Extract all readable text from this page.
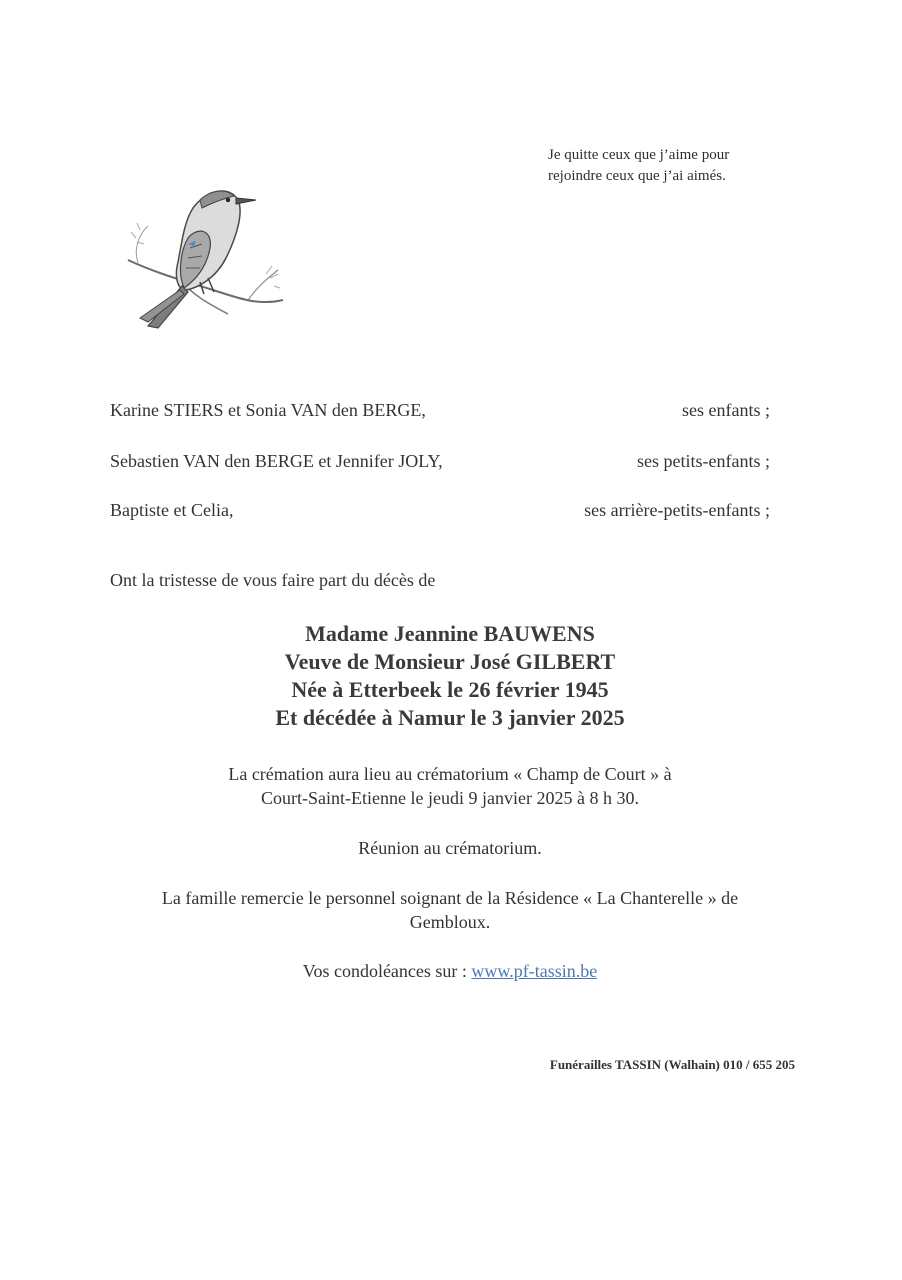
Je quitte ceux que j’aime pour
rejoindre ceux que j’ai aimés.
Karine STIERS et Sonia VAN den BERGE,	ses enfants ;
Sebastien VAN den BERGE et Jennifer JOLY,	ses petits-enfants ;
Baptiste et Celia,	ses arrière-petits-enfants ;
Ont la tristesse de vous faire part du décès de
Madame Jeannine BAUWENS
Veuve de Monsieur José GILBERT
Née à Etterbeek le 26 février 1945
Et décédée à Namur le 3 janvier 2025
La crémation aura lieu au crématorium « Champ de Court » à
Court-Saint-Etienne le jeudi 9 janvier 2025 à 8 h 30.
Réunion au crématorium.
La famille remercie le personnel soignant de la Résidence « La Chanterelle » de
Gembloux.
Vos condoléances sur : www.pf-tassin.be
Funérailles TASSIN (Walhain) 010 / 655 205
